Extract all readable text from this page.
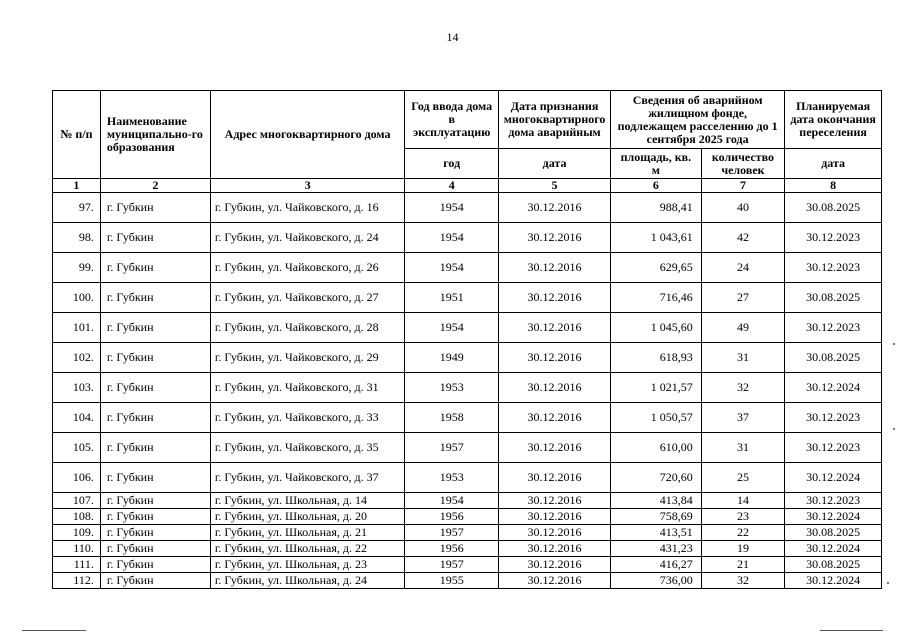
14
№ п/п	Наименование муниципально-го образования	Адрес многоквартирного дома	Год ввода дома в эксплуатацию	Дата признания многоквартирного дома аварийным	Сведения об аварийном жилищном фонде, подлежащем расселению до 1 сентября 2025 года		Планируемая дата окончания переселения
			год	дата	площадь, кв. м	количество человек	дата
1	2	3	4	5	6	7	8
97.	г. Губкин	г. Губкин, ул. Чайковского, д. 16	1954	30.12.2016	988,41	40	30.08.2025
98.	г. Губкин	г. Губкин, ул. Чайковского, д. 24	1954	30.12.2016	1 043,61	42	30.12.2023
99.	г. Губкин	г. Губкин, ул. Чайковского, д. 26	1954	30.12.2016	629,65	24	30.12.2023
100.	г. Губкин	г. Губкин, ул. Чайковского, д. 27	1951	30.12.2016	716,46	27	30.08.2025
101.	г. Губкин	г. Губкин, ул. Чайковского, д. 28	1954	30.12.2016	1 045,60	49	30.12.2023
102.	г. Губкин	г. Губкин, ул. Чайковского, д. 29	1949	30.12.2016	618,93	31	30.08.2025
103.	г. Губкин	г. Губкин, ул. Чайковского, д. 31	1953	30.12.2016	1 021,57	32	30.12.2024
104.	г. Губкин	г. Губкин, ул. Чайковского, д. 33	1958	30.12.2016	1 050,57	37	30.12.2023
105.	г. Губкин	г. Губкин, ул. Чайковского, д. 35	1957	30.12.2016	610,00	31	30.12.2023
106.	г. Губкин	г. Губкин, ул. Чайковского, д. 37	1953	30.12.2016	720,60	25	30.12.2024
107.	г. Губкин	г. Губкин, ул. Школьная, д. 14	1954	30.12.2016	413,84	14	30.12.2023
108.	г. Губкин	г. Губкин, ул. Школьная, д. 20	1956	30.12.2016	758,69	23	30.12.2024
109.	г. Губкин	г. Губкин, ул. Школьная, д. 21	1957	30.12.2016	413,51	22	30.08.2025
110.	г. Губкин	г. Губкин, ул. Школьная, д. 22	1956	30.12.2016	431,23	19	30.12.2024
111.	г. Губкин	г. Губкин, ул. Школьная, д. 23	1957	30.12.2016	416,27	21	30.08.2025
112.	г. Губкин	г. Губкин, ул. Школьная, д. 24	1955	30.12.2016	736,00	32	30.12.2024
